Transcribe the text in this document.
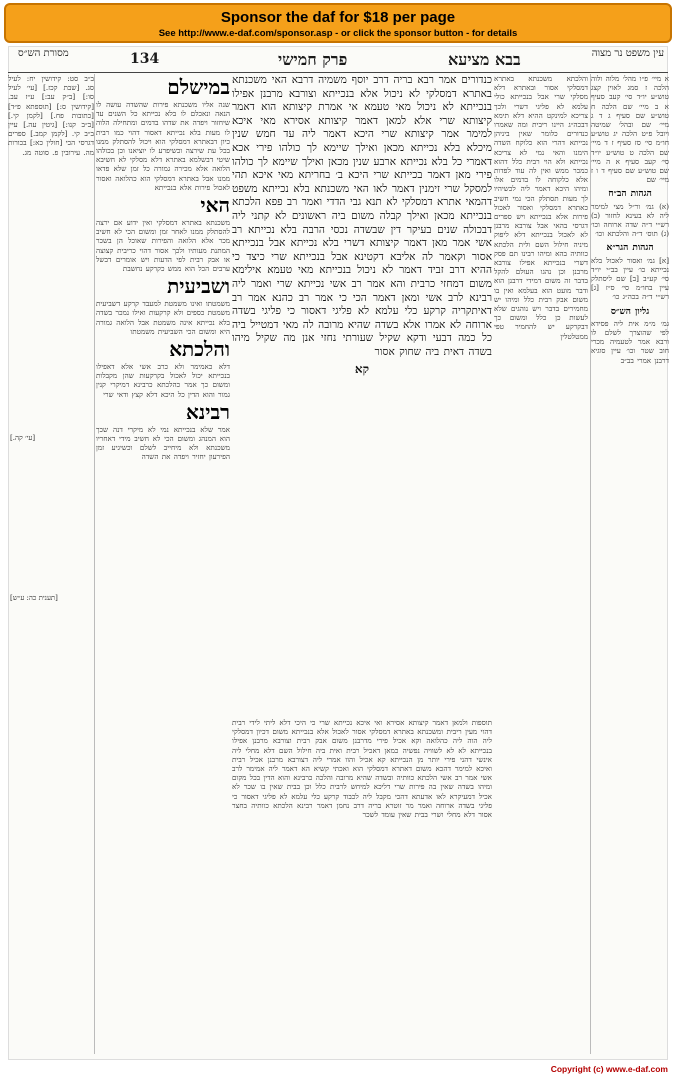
Sponsor the daf for $18 per page
See http://www.e-daf.com/sponsor.asp - or click the sponsor button - for details
מסורת הש״ס	134	פרק חמישי	בבא מציעא	עין משפט נר מצוה
ב״ב סט: קידושין יח: לעיל סג. [שבת קכז.] [עי׳ לעיל סו:] [ב״ק עב:] ע״ז עב. [קידושין ס:] [תוספתא פ״ד] [כתובות פח.] [לקמן קי.] [ב״ב קנו:] [גיטין עה.] עיין ב״ב קי. [לקמן קמב.] ספרים דגרסי הכי [חולין כא:] בכורות מה. עירובין פ. סוטה מג.
במישלם
שנה אליו משכנתא פירות שהשדה עושה לו הנאה ונאכלם לו בלא נכייתא כל השנים עד שיחזור ויפדה את שדהו בדמים ומתחילה הלוה לו מעות בלא נכייתא דאסור דהוי כמו רבית כיון דבאתרא דמסלקי הוא ויכול להסתלק ממנו בכל עת שירצה וכשיפרע לו יוציאנו וכן בכולהו שיטי דבשלמא באתרא דלא מסלקי לא חשיבא הלואה אלא מכירה גמורה כל זמן שלא פדאו ממנו אבל באתרא דמסלקי הוא כהלואה ואסור לאכול פירות אלא בנכייתא
האי
משכנתא באתרא דמסלקי ואין ידוע אם ירצה להסתלק ממנו לאחר זמן ומשום הכי לא חשיב מכר אלא הלואה והפירות שאוכל הן בשכר המתנת מעותיו ולכך אסור דהוי כריבית קצוצה או אבק רבית לפי הדעות ויש אומרים דבשל ערבים הכל הוא ממש כקרקע נחשבת
ושביעית
משמטתו ואינו משמטת למעבד קרקע דשביעית משמטת כספים ולא קרקעות ואילו נמכר בשדה בלא נכייתא אינה משמטת אבל הלואה גמורה היא ומשום הכי השביעית משמטתו
והלכתא
דלא כאמימר ולא כרב אשי אלא דאפילו בנכייתא יכול לאכול בקרקעות שהן מקבלות ומשום כך אמר כהלכתא כרבינא דמיקרי קנין גמור והוא הדין כל היכא דלא קצץ ודאי שרי
רבינא
אמר שלא בנכייתא נמי לא מיקרי דנה שכך הוא המנהג ומשום הכי לא חשיב מידי דאחריו משכנתא ולא מיחייב לשלם וכשיגיע זמן הפירעון יחזיר ויפדה את השדה
כנדורים אמר רבא בריה דרב יוסף משמיה דרבא האי משכנתא באתרא דמסלקי לא ניכול אלא בנכייתא וצורבא מרבנן אפילו בנכייתא לא ניכול מאי טעמא אי אמרת קיצותא הוא דאמר קיצותא שרי אלא למאן דאמר קיצותא אסירא מאי איכא למימר אמר קיצותא שרי היכא דאמר ליה עד חמש שנין מיכלא בלא נכייתא מכאן ואילך שיימא לך כולהו פירי אכא דאמרי כל בלא נכייתא ארבע שנין מכאן ואילך שיימא לך כולהו פירי מאן דאמר בכייתא שרי היכא ב׳ בחריתא מאי איכא תהי למסקל שרי זימנין דאמר לאו האי משכנתא בלא נכייתא משפט דהמאי אתרא דמסלקי לא תנא גבי הדדי ואמר רב פפא הלכתא בנכייתא מכאן ואילך קבלה משום ביה ראשונים לא קתני ליה דבכולה שנים בעיקר דין שבשדה נכסי הרבה בלא נכייתא רב אשי אמר מאן דאמר קיצותא דשרי בלא נכייתא אבל בנכייתא אסור וקאמר לה אליבא דקטינא אבל בנכייתא שרי כיצד כי ההיא דרב זביד דאמר לא ניכול בנכייתא מאי טעמא אילימא משום דמחזי כרבית והא אמר רב אשי נכייתא שרי ואמר ליה רבינא לרב אשי ומאן דאמר הכי כי אמר רב כהנא אמר רב דאיתקריה קרקע כלי עלמא לא פליגי דאסור כי פליגי בשדה ארוחה לא אמרו אלא בשדה שהיא מרובה לה מאי דמטייל ביה כל כמה דבעי ודקא שקיל שעורתי נחזי אנן מה שקיל מיהו בשדה דאית ביה שחוק אסור
קא
תוספות ולמאן דאמר קיצותא אסירא ואי איכא נכייתא שרי כי היכי דלא ליתי לידי רבית דהוי מעין ריבית ומשכנתא באתרא דמסלקי אסור לאכול אלא בנכייתא משום דכיון דמסלקי ליה הוה ליה כהלואה וקא אכיל פירי מדרבנן משום אבק רבית וצורבא מרבנן אפילו בנכייתא לא לא לשוויה נפשיה כמאן דאכיל רבית ואית ביה חילול השם דלא מחלי ליה אינשי דהני פירי יותר מן הנכייתא קא אכיל והוו אמרי ליה דצורבא מרבנן אכיל רבית ואיכא למימר דהכא משום דאתרא דמסלקי הוא ואכתי קשיא הא דאמר ליה אמימר לרב אשי אמר רב אשי הלכתא כוותיה ובשדה שהיא מרובה והלכה כרבינא והוא הדין בכל מקום ומיהו בשדה שאין בה פירות שרי דליכא למיחש לרבית כלל וכן בבית שאין בו שכר לא אכיל דמעיקרא לאו אדעתא דהכי מקבל ליה לכבוד קרקע כלי עלמא לא פליגי דאסור כי פליגי בשדה ארוחה ואמר מר זוטרא בריה דרב נחמן דאמר רבינא הלכתא כוותיה בחצר אסור דלא מחלי ושרי בבית שאין עומד לשכר
והלכתא משכנתא באתרא דמסלקי אסור ובאתרא דלא מסלקי שרי אבל בנכייתא כולי עלמא לא פליגי דשרי ולכך צריכא למינקט ההיא דלא תימא דבכה״ג היינו ריבית ומה שאמרו כנדורים כלומר שאין ביניהן נכייתא דהרי הוא כלוקח השדה הימנו והאי נמי לא צריכא נכייתא ולא הוי רבית כלל דהוא כמכר ממש ואין לה עוד לפדות אלא כלקוחה לו בדמים אלו ומיהו היכא דאמר ליה לכשיהיו לך מעות תסתלק הכי נמי חשיב כאתרא דמסלקי ואסור לאכול פירות אלא בנכייתא ויש ספרים דגרסי בהאי אבל צורבא מרבנן לא לאכול בנכייתא דלא ליפוק מיניה חילול השם ולית הלכתא כוותיה בהא ומיהו רבינו תם פסק דשרי בנכייתא אפילו צורבא מרבנן וכן נהגו העולם להקל בדבר זה משום דמידי דרבנן הוא ודבר מועט הוא בעלמא ואין בו משום אבק רבית כלל ומיהו יש מחמירים בדבר ויש נוהגים שלא לעשות כן כלל ומשום כך דבקרקע יש להחמיר טפי ממטלטלין
א מיי׳ פ״ו מהל׳ מלוה ולוה הלכה ז סמג לאוין קצג טוש״ע יו״ד סי׳ קעב סעיף א ב מיי׳ שם הלכה ח טוש״ע שם סעיף ג ד ג מיי׳ שם ובהל׳ שמיטה ויובל פ״ט הלכה יג טוש״ע חו״מ סי׳ סז סעיף ז ד מיי׳ שם הלכה ט טוש״ע יו״ד סי׳ קעב סעיף א ה מיי׳ שם טוש״ע שם סעיף ד ו ז מיי׳ שם
הגהות הב״ח
(א) גמ׳ ור״ל מצי למימר ליה לא בעינא לחזור (ב) רש״י ד״ה שדה ארוחה וכו׳ (ג) תוס׳ ד״ה והלכתא וכו׳
הגהות הגר״א
[א] גמ׳ ואסור לאכול בלא נכייתא כו׳ עיין בב״י יו״ד סי׳ קע״ב [ב] שם ליסתלק עיין בחו״מ סי׳ ס״ז [ג] רש״י ד״ה בכה״ג כו׳
גליון הש״ס
גמ׳ מ״מ אית ליה פסידא לפי שהוצרך לשלם לו ורבא אמר לטעמיה מכרי חוב שטר וכו׳ עיין סוגיא דרבנן אמרי בב״ב
[עי׳ קה.]
[תענית כה: ע״ש]
Copyright (c) www.e-daf.com
